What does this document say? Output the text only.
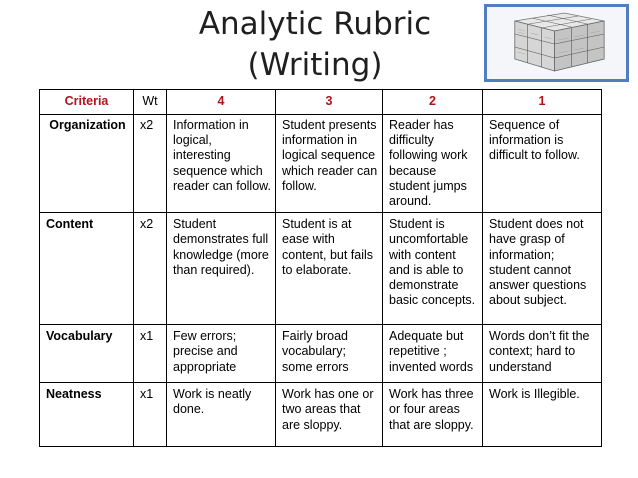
Analytic Rubric
(Writing)
Criteria	Wt	4	3	2	1
Organization	x2	Information in logical, interesting sequence which reader can follow.	Student presents information in logical sequence which reader can follow.	Reader has difficulty following work because student jumps around.	Sequence of information is difficult to follow.
Content	x2	Student demonstrates full knowledge (more than required).	Student is at ease with content, but fails to elaborate.	Student is uncomfortable with content and is able to demonstrate basic concepts.	Student does not have grasp of information; student cannot answer questions about subject.
Vocabulary	x1	Few errors; precise and appropriate	Fairly broad vocabulary; some errors	Adequate but repetitive ; invented words	Words don’t fit the context; hard to understand
Neatness	x1	Work is neatly done.	Work has one or two areas that are sloppy.	Work has three or four areas that are sloppy.	Work is Illegible.
